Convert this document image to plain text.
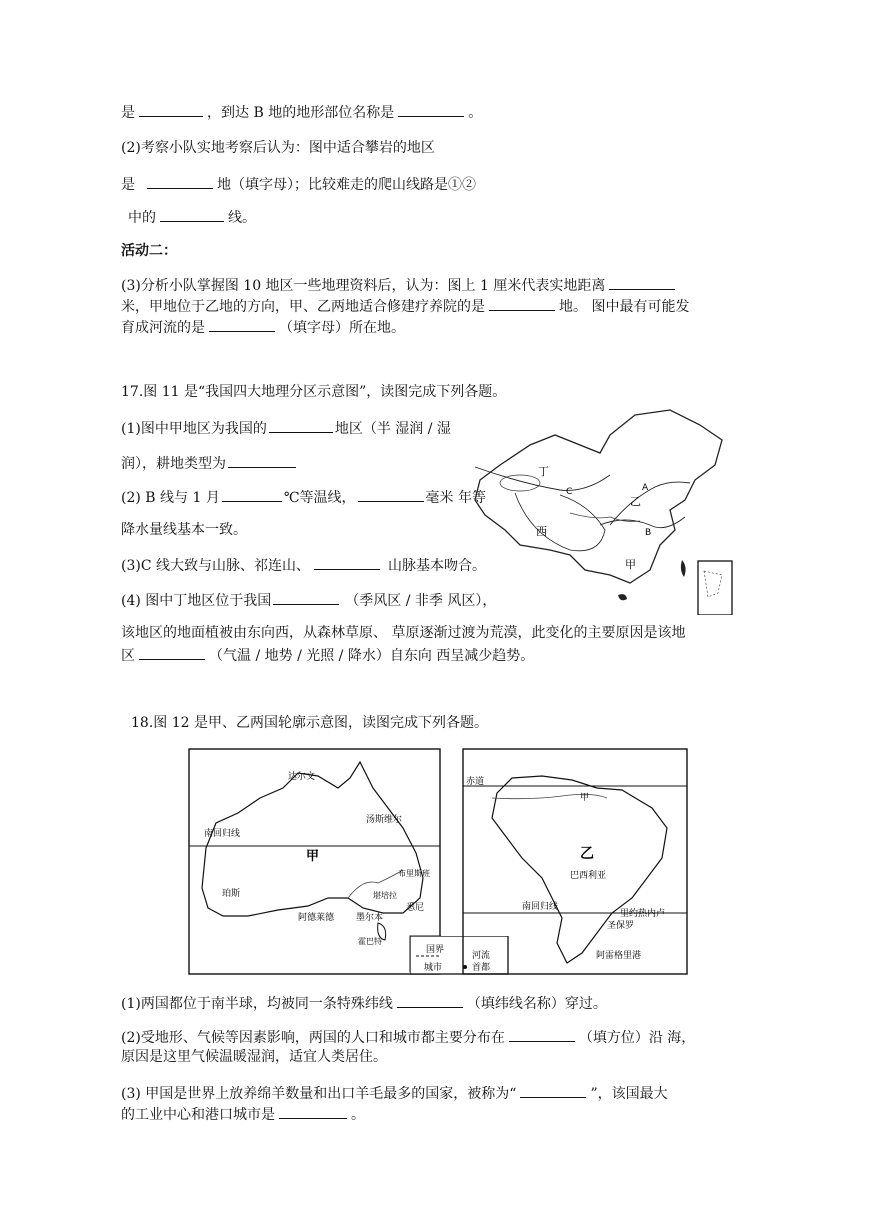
是	，到达 B 地的地形部位名称是	。
(2)考察小队实地考察后认为：图中适合攀岩的地区
是	地（填字母）；比较难走的爬山线路是①②
中的	线。
活动二：
(3)分析小队掌握图 10 地区一些地理资料后，认为：图上 1 厘米代表实地距离
米，甲地位于乙地的方向，甲、乙两地适合修建疗养院的是	地。 图中最有可能发
育成河流的是	（填字母）所在地。
17.图 11 是“我国四大地理分区示意图”，读图完成下列各题。
(1)图中甲地区为我国的	地区（半 湿润 / 湿
润），耕地类型为
(2) B 线与 1 月	℃等温线，	毫米 年等
降水量线基本一致。
(3)C 线大致与山脉、祁连山、	山脉基本吻合。
(4) 图中丁地区位于我国	（季风区 / 非季 风区），
该地区的地面植被由东向西，从森林草原、 草原逐渐过渡为荒漠，此变化的主要原因是该地
区	（气温 / 地势 / 光照 / 降水）自东向 西呈减少趋势。
丁
乙
西
甲
A
B
C
18.图 12 是甲、乙两国轮廓示意图，读图完成下列各题。
达尔文
南回归线
汤斯维尔
甲
布里斯班
珀斯
悉尼
堪培拉
阿德莱德 墨尔本
霍巴特
河流
首都
国界
城市
赤道
甲
乙
巴西利亚
南回归线
里约热内卢
圣保罗
阿雷格里港
(1)两国都位于南半球，均被同一条特殊纬线	（填纬线名称）穿过。
(2)受地形、气候等因素影响，两国的人口和城市都主要分布在	（填方位）沿 海，
原因是这里气候温暖湿润，适宜人类居住。
(3) 甲国是世界上放养绵羊数量和出口羊毛最多的国家，被称为“	”，该国最大
的工业中心和港口城市是	。
